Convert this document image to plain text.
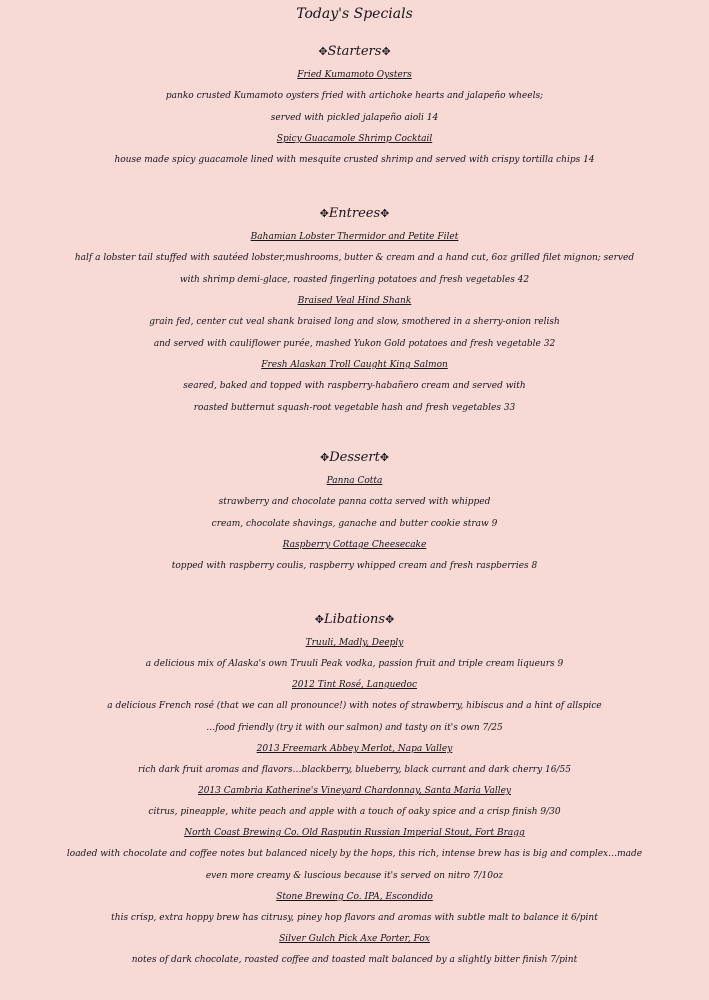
Today's Specials
✥Starters✥
Fried Kumamoto Oysters
panko crusted Kumamoto oysters fried with artichoke hearts and jalapeño wheels;
served with pickled jalapeño aioli 14
Spicy Guacamole Shrimp Cocktail
house made spicy guacamole lined with mesquite crusted shrimp and served with crispy tortilla chips 14
✥Entrees✥
Bahamian Lobster Thermidor and Petite Filet
half a lobster tail stuffed with sautéed lobster,mushrooms, butter & cream and a hand cut, 6oz grilled filet mignon; served
with shrimp demi-glace, roasted fingerling potatoes and fresh vegetables 42
Braised Veal Hind Shank
grain fed, center cut veal shank braised long and slow, smothered in a sherry-onion relish
and served with cauliflower purée, mashed Yukon Gold potatoes and fresh vegetable 32
Fresh Alaskan Troll Caught King Salmon
seared, baked and topped with raspberry-habañero cream and served with
roasted butternut squash-root vegetable hash and fresh vegetables 33
✥Dessert✥
Panna Cotta
strawberry and chocolate panna cotta served with whipped
cream, chocolate shavings, ganache and butter cookie straw 9
Raspberry Cottage Cheesecake
topped with raspberry coulis, raspberry whipped cream and fresh raspberries 8
✥Libations✥
Truuli, Madly, Deeply
a delicious mix of Alaska's own Truuli Peak vodka, passion fruit and triple cream liqueurs 9
2012 Tint Rosé, Languedoc
a delicious French rosé (that we can all pronounce!) with notes of strawberry, hibiscus and a hint of allspice
…food friendly (try it with our salmon) and tasty on it's own 7/25
2013 Freemark Abbey Merlot, Napa Valley
rich dark fruit aromas and flavors…blackberry, blueberry, black currant and dark cherry 16/55
2013 Cambria Katherine's Vineyard Chardonnay, Santa Maria Valley
citrus, pineapple, white peach and apple with a touch of oaky spice and a crisp finish 9/30
North Coast Brewing Co. Old Rasputin Russian Imperial Stout, Fort Bragg
loaded with chocolate and coffee notes but balanced nicely by the hops, this rich, intense brew has is big and complex…made
even more creamy & luscious because it's served on nitro 7/10oz
Stone Brewing Co. IPA, Escondido
this crisp, extra hoppy brew has citrusy, piney hop flavors and aromas with subtle malt to balance it 6/pint
Silver Gulch Pick Axe Porter, Fox
notes of dark chocolate, roasted coffee and toasted malt balanced by a slightly bitter finish 7/pint
